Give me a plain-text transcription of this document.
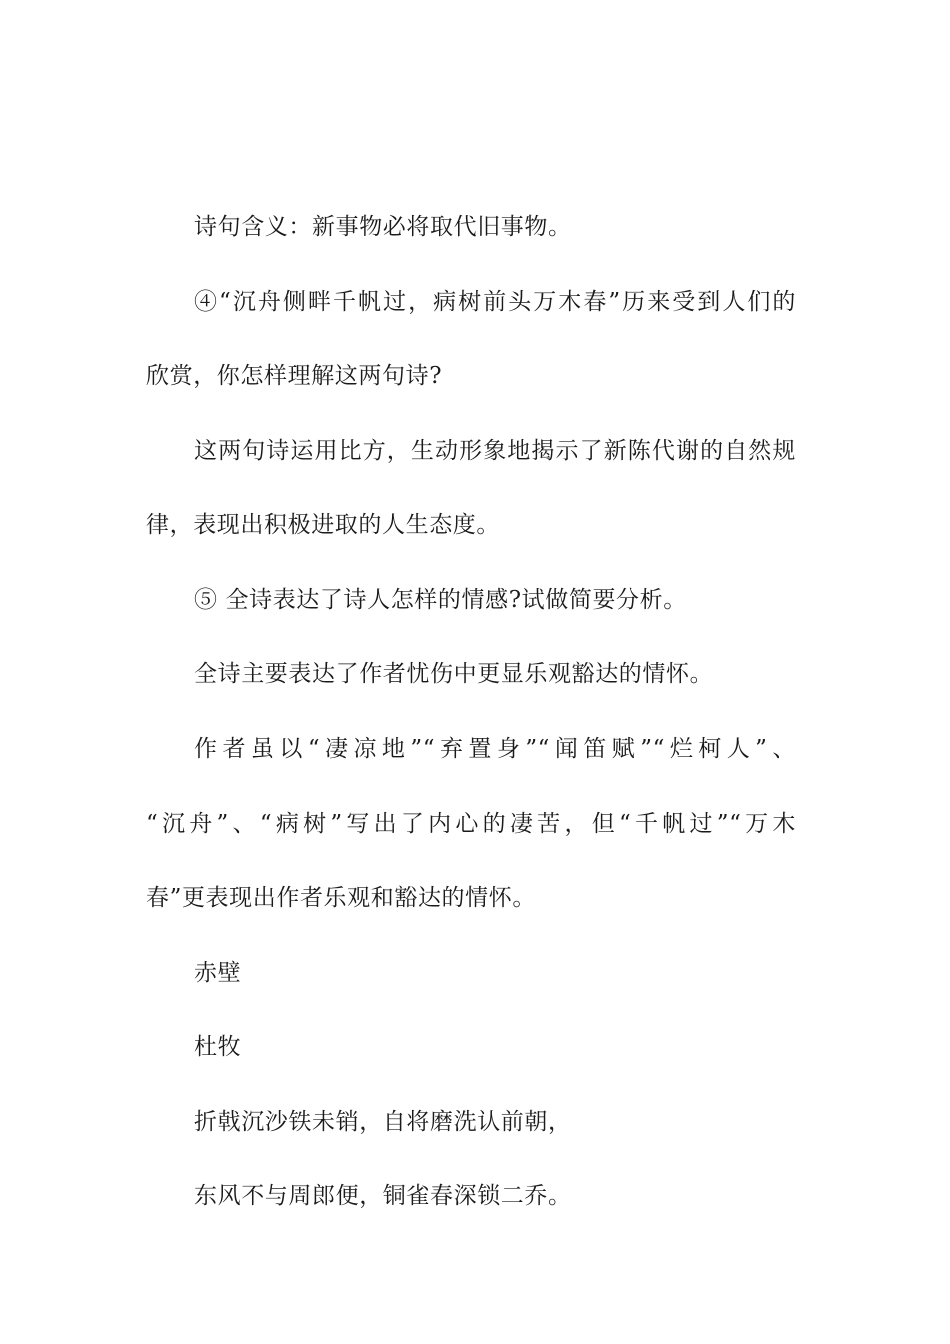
诗句含义：新事物必将取代旧事物。
④“沉舟侧畔千帆过，病树前头万木春”历来受到人们的
欣赏，你怎样理解这两句诗?
这两句诗运用比方，生动形象地揭示了新陈代谢的自然规
律，表现出积极进取的人生态度。
⑤ 全诗表达了诗人怎样的情感?试做简要分析。
全诗主要表达了作者忧伤中更显乐观豁达的情怀。
作者虽以“凄凉地”“弃置身”“闻笛赋”“烂柯人”、
“沉舟”、“病树”写出了内心的凄苦，但“千帆过”“万木
春”更表现出作者乐观和豁达的情怀。
赤壁
杜牧
折戟沉沙铁未销，自将磨洗认前朝，
东风不与周郎便，铜雀春深锁二乔。
